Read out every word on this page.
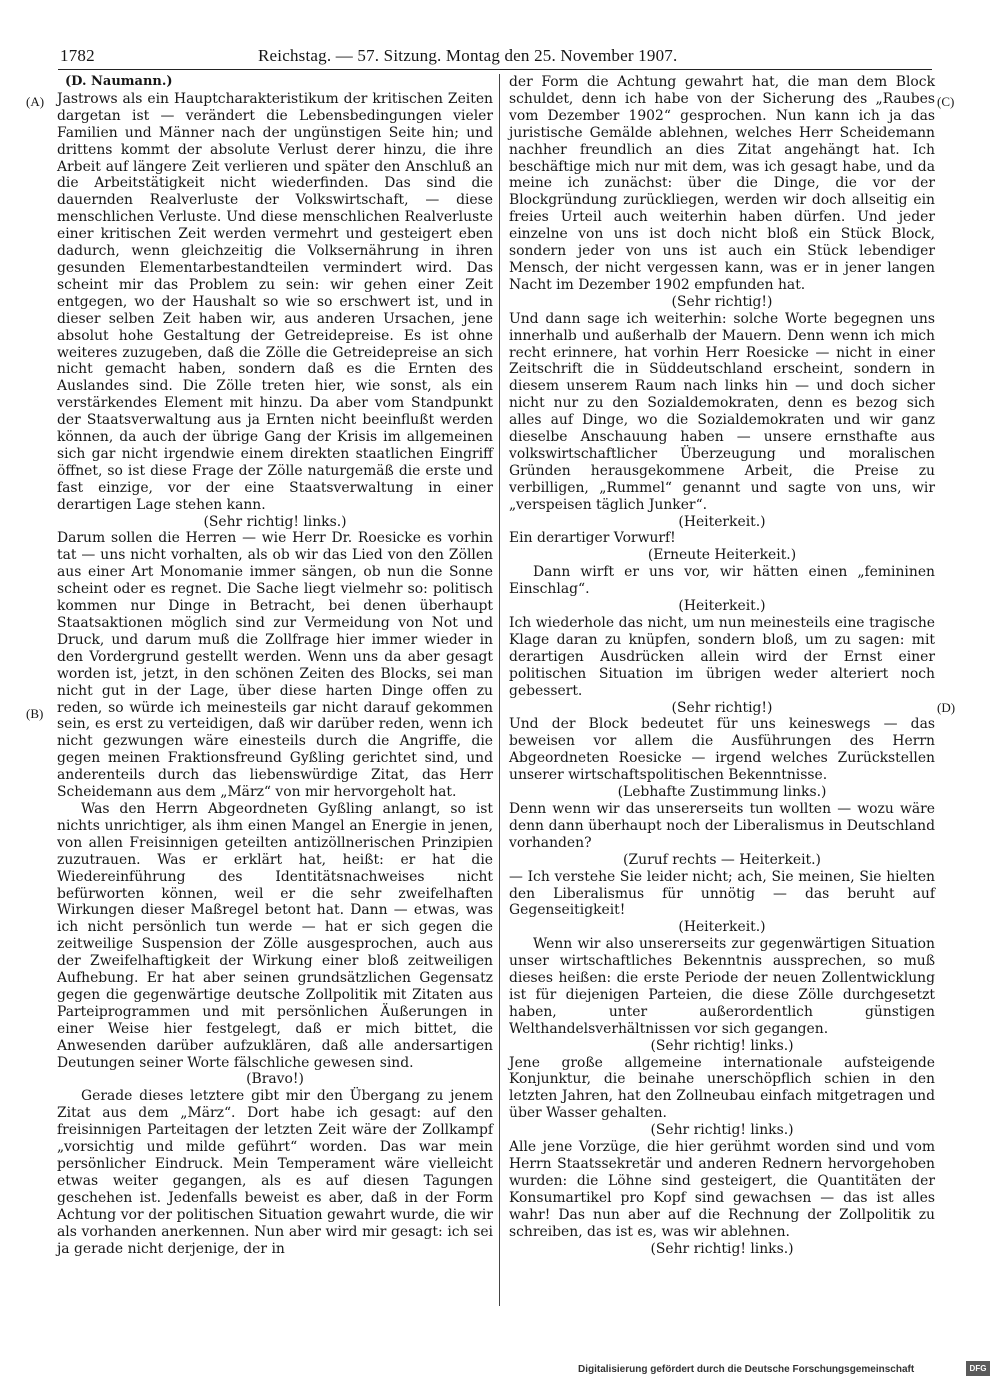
1782	Reichstag. — 57. Sitzung. Montag den 25. November 1907.
(A)
(B)
(C)
(D)
(D. Naumann.)

Jastrows als ein Hauptcharakteristikum der kritischen Zeiten dargetan ist — verändert die Lebensbedingungen vieler Familien und Männer nach der ungünstigen Seite hin; und drittens kommt der absolute Verlust derer hinzu, die ihre Arbeit auf längere Zeit verlieren und später den Anschluß an die Arbeitstätigkeit nicht wiederfinden. Das sind die dauernden Realverluste der Volkswirtschaft, — diese menschlichen Verluste. Und diese menschlichen Realverluste einer kritischen Zeit werden vermehrt und gesteigert eben dadurch, wenn gleichzeitig die Volksernährung in ihren gesunden Elementarbestandteilen vermindert wird. Das scheint mir das Problem zu sein: wir gehen einer Zeit entgegen, wo der Haushalt so wie so erschwert ist, und in dieser selben Zeit haben wir, aus anderen Ursachen, jene absolut hohe Gestaltung der Getreidepreise. Es ist ohne weiteres zuzugeben, daß die Zölle die Getreidepreise an sich nicht gemacht haben, sondern daß es die Ernten des Auslandes sind. Die Zölle treten hier, wie sonst, als ein verstärkendes Element mit hinzu. Da aber vom Standpunkt der Staatsverwaltung aus ja Ernten nicht beeinflußt werden können, da auch der übrige Gang der Krisis im allgemeinen sich gar nicht irgendwie einem direkten staatlichen Eingriff öffnet, so ist diese Frage der Zölle naturgemäß die erste und fast einzige, vor der eine Staatsverwaltung in einer derartigen Lage stehen kann.

(Sehr richtig! links.)

Darum sollen die Herren — wie Herr Dr. Roesicke es vorhin tat — uns nicht vorhalten, als ob wir das Lied von den Zöllen aus einer Art Monomanie immer sängen, ob nun die Sonne scheint oder es regnet. Die Sache liegt vielmehr so: politisch kommen nur Dinge in Betracht, bei denen überhaupt Staatsaktionen möglich sind zur Vermeidung von Not und Druck, und darum muß die Zollfrage hier immer wieder in den Vordergrund gestellt werden. Wenn uns da aber gesagt worden ist, jetzt, in den schönen Zeiten des Blocks, sei man nicht gut in der Lage, über diese harten Dinge offen zu reden, so würde ich meinesteils gar nicht darauf gekommen sein, es erst zu verteidigen, daß wir darüber reden, wenn ich nicht gezwungen wäre einesteils durch die Angriffe, die gegen meinen Fraktionsfreund Gyßling gerichtet sind, und anderenteils durch das liebenswürdige Zitat, das Herr Scheidemann aus dem „März“ von mir hervorgeholt hat.

Was den Herrn Abgeordneten Gyßling anlangt, so ist nichts unrichtiger, als ihm einen Mangel an Energie in jenen, von allen Freisinnigen geteilten antizöllnerischen Prinzipien zuzutrauen. Was er erklärt hat, heißt: er hat die Wiedereinführung des Identitätsnachweises nicht befürworten können, weil er die sehr zweifelhaften Wirkungen dieser Maßregel betont hat. Dann — etwas, was ich nicht persönlich tun werde — hat er sich gegen die zeitweilige Suspension der Zölle ausgesprochen, auch aus der Zweifelhaftigkeit der Wirkung einer bloß zeitweiligen Aufhebung. Er hat aber seinen grundsätzlichen Gegensatz gegen die gegenwärtige deutsche Zollpolitik mit Zitaten aus Parteiprogrammen und mit persönlichen Äußerungen in einer Weise hier festgelegt, daß er mich bittet, die Anwesenden darüber aufzuklären, daß alle andersartigen Deutungen seiner Worte fälschliche gewesen sind.

(Bravo!)

Gerade dieses letztere gibt mir den Übergang zu jenem Zitat aus dem „März“. Dort habe ich gesagt: auf den freisinnigen Parteitagen der letzten Zeit wäre der Zollkampf „vorsichtig und milde geführt“ worden. Das war mein persönlicher Eindruck. Mein Temperament wäre vielleicht etwas weiter gegangen, als es auf diesen Tagungen geschehen ist. Jedenfalls beweist es aber, daß in der Form Achtung vor der politischen Situation gewahrt wurde, die wir als vorhanden anerkennen. Nun aber wird mir gesagt: ich sei ja gerade nicht derjenige, der in

der Form die Achtung gewahrt hat, die man dem Block schuldet, denn ich habe von der Sicherung des „Raubes vom Dezember 1902“ gesprochen. Nun kann ich ja das juristische Gemälde ablehnen, welches Herr Scheidemann nachher freundlich an dies Zitat angehängt hat. Ich beschäftige mich nur mit dem, was ich gesagt habe, und da meine ich zunächst: über die Dinge, die vor der Blockgründung zurückliegen, werden wir doch allseitig ein freies Urteil auch weiterhin haben dürfen. Und jeder einzelne von uns ist doch nicht bloß ein Stück Block, sondern jeder von uns ist auch ein Stück lebendiger Mensch, der nicht vergessen kann, was er in jener langen Nacht im Dezember 1902 empfunden hat.

(Sehr richtig!)

Und dann sage ich weiterhin: solche Worte begegnen uns innerhalb und außerhalb der Mauern. Denn wenn ich mich recht erinnere, hat vorhin Herr Roesicke — nicht in einer Zeitschrift die in Süddeutschland erscheint, sondern in diesem unserem Raum nach links hin — und doch sicher nicht nur zu den Sozialdemokraten, denn es bezog sich alles auf Dinge, wo die Sozialdemokraten und wir ganz dieselbe Anschauung haben — unsere ernsthafte aus volkswirtschaftlicher Überzeugung und moralischen Gründen herausgekommene Arbeit, die Preise zu verbilligen, „Rummel“ genannt und sagte von uns, wir „verspeisen täglich Junker“.

(Heiterkeit.)

Ein derartiger Vorwurf!

(Erneute Heiterkeit.)

Dann wirft er uns vor, wir hätten einen „femininen Einschlag“.

(Heiterkeit.)

Ich wiederhole das nicht, um nun meinesteils eine tragische Klage daran zu knüpfen, sondern bloß, um zu sagen: mit derartigen Ausdrücken allein wird der Ernst einer politischen Situation im übrigen weder alteriert noch gebessert.

(Sehr richtig!)

Und der Block bedeutet für uns keineswegs — das beweisen vor allem die Ausführungen des Herrn Abgeordneten Roesicke — irgend welches Zurückstellen unserer wirtschaftspolitischen Bekenntnisse.

(Lebhafte Zustimmung links.)

Denn wenn wir das unsererseits tun wollten — wozu wäre denn dann überhaupt noch der Liberalismus in Deutschland vorhanden?

(Zuruf rechts — Heiterkeit.)

— Ich verstehe Sie leider nicht; ach, Sie meinen, Sie hielten den Liberalismus für unnötig — das beruht auf Gegenseitigkeit!

(Heiterkeit.)

Wenn wir also unsererseits zur gegenwärtigen Situation unser wirtschaftliches Bekenntnis aussprechen, so muß dieses heißen: die erste Periode der neuen Zollentwicklung ist für diejenigen Parteien, die diese Zölle durchgesetzt haben, unter außerordentlich günstigen Welthandelsverhältnissen vor sich gegangen.

(Sehr richtig! links.)

Jene große allgemeine internationale aufsteigende Konjunktur, die beinahe unerschöpflich schien in den letzten Jahren, hat den Zollneubau einfach mitgetragen und über Wasser gehalten.

(Sehr richtig! links.)

Alle jene Vorzüge, die hier gerühmt worden sind und vom Herrn Staatssekretär und anderen Rednern hervorgehoben wurden: die Löhne sind gesteigert, die Quantitäten der Konsumartikel pro Kopf sind gewachsen — das ist alles wahr! Das nun aber auf die Rechnung der Zollpolitik zu schreiben, das ist es, was wir ablehnen.

(Sehr richtig! links.)

Digitalisierung gefördert durch die Deutsche Forschungsgemeinschaft	DFG
